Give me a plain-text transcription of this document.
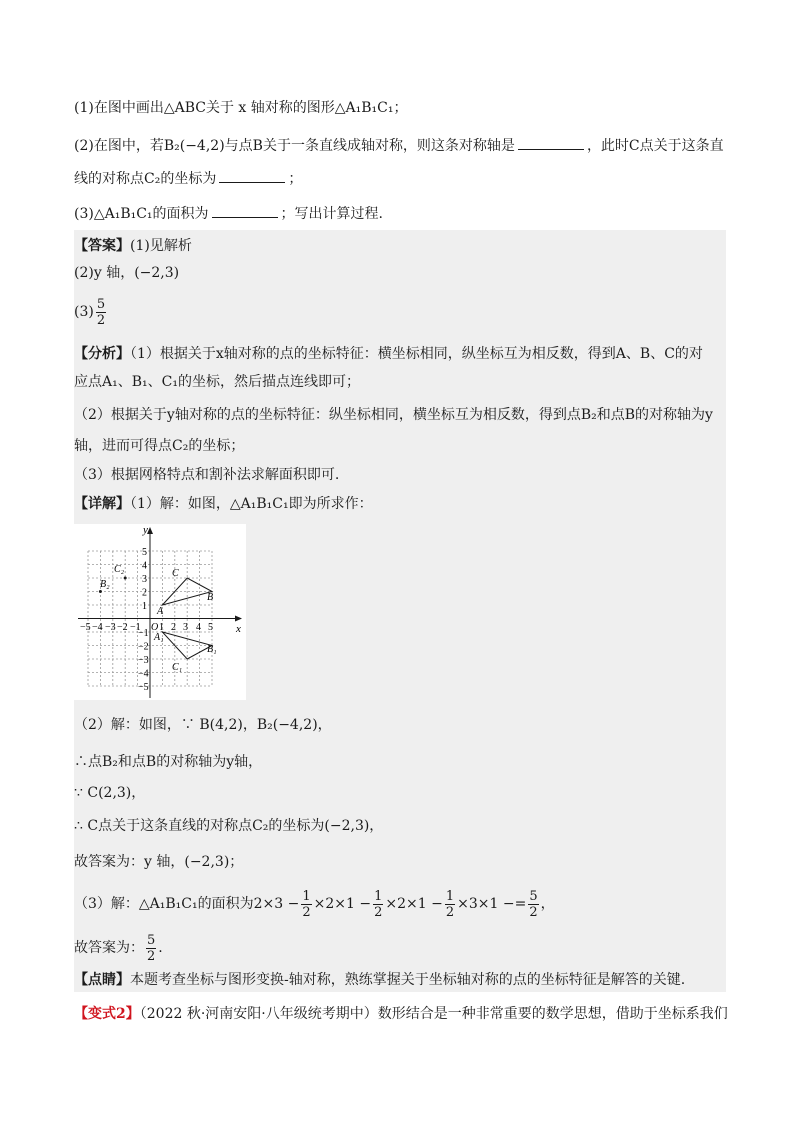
(1)在图中画出△ABC关于 x 轴对称的图形△A₁B₁C₁；
(2)在图中，若B₂(−4,2)与点B关于一条直线成轴对称，则这条对称轴是	，此时C点关于这条直
线的对称点C₂的坐标为	；
(3)△A₁B₁C₁的面积为	；写出计算过程.
【答案】(1)见解析
(2)y 轴，(−2,3)
$(3) \frac{5}{2}$
【分析】（1）根据关于x轴对称的点的坐标特征：横坐标相同，纵坐标互为相反数，得到A、B、C的对
应点A₁、B₁、C₁的坐标，然后描点连线即可；
（2）根据关于y轴对称的点的坐标特征：纵坐标相同，横坐标互为相反数，得到点B₂和点B的对称轴为y
轴，进而可得点C₂的坐标；
（3）根据网格特点和割补法求解面积即可.
【详解】（1）解：如图，△A₁B₁C₁即为所求作：
x
y
O
−5 −4 −3 −2 −1 1 2 3 4 5
5
4
3
2
1
−1
−2
−3
−4
−5
C
B
A
A₁
B₁
C₁
B₂
C₂
（2）解：如图，∵ B(4,2)，B₂(−4,2)，
∴点B₂和点B的对称轴为y轴，
∵ C(2,3)，
∴ C点关于这条直线的对称点C₂的坐标为(−2,3)，
故答案为：y 轴，(−2,3)；
（3）解：△A₁B₁C₁的面积为$2\times 3 - \frac{1}{2} \times 2\times 1 - \frac{1}{2} \times 2\times 1 - \frac{1}{2} \times 3\times 1 -= \frac{5}{2}$ ，
故答案为： $\frac{5}{2}$ .
【点睛】本题考查坐标与图形变换-轴对称，熟练掌握关于坐标轴对称的点的坐标特征是解答的关键.
【变式2】（2022 秋·河南安阳·八年级统考期中）数形结合是一种非常重要的数学思想，借助于坐标系我们
